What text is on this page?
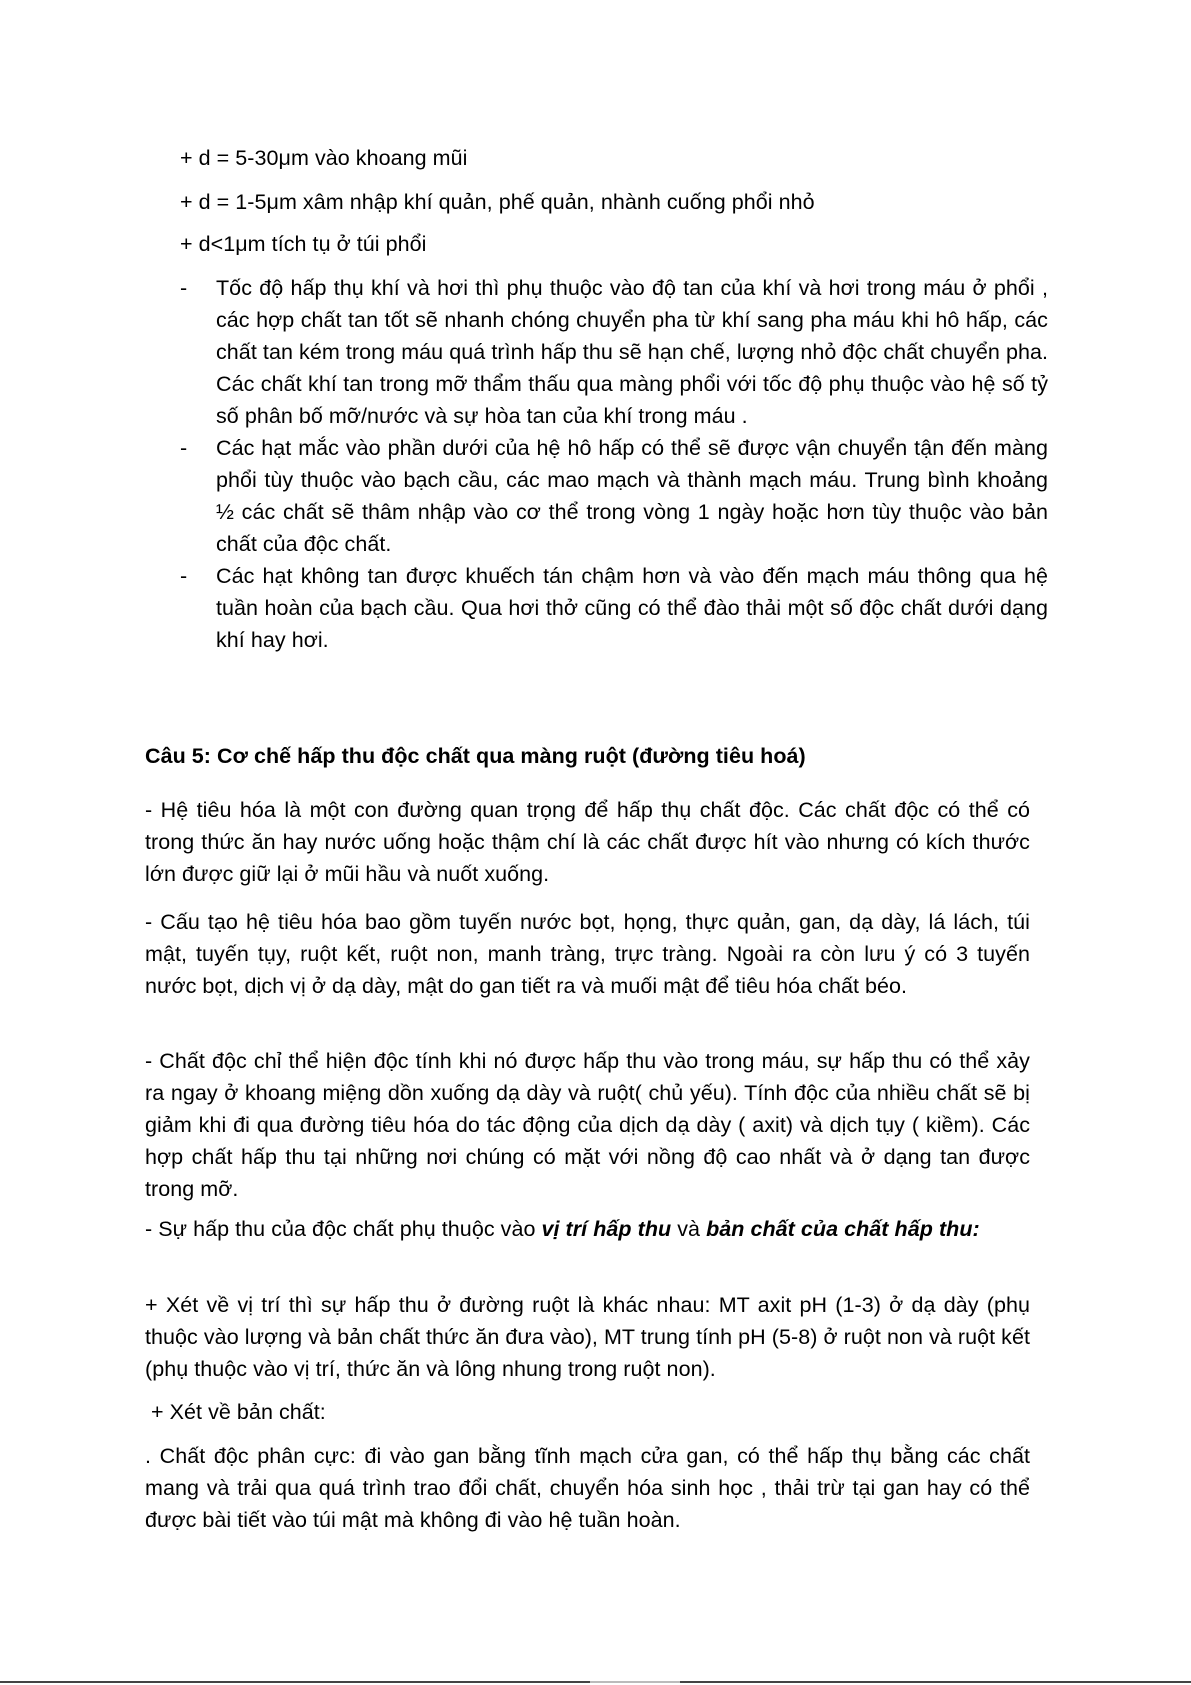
+ d = 5-30μm vào khoang mũi
+ d = 1-5μm xâm nhập khí quản, phế quản, nhành cuống phổi nhỏ
+ d<1μm tích tụ ở túi phổi
- Tốc độ hấp thụ khí và hơi thì phụ thuộc vào độ tan của khí và hơi trong máu ở phổi , các hợp chất tan tốt sẽ nhanh chóng chuyển pha từ khí sang pha máu khi hô hấp, các chất tan kém trong máu quá trình hấp thu sẽ hạn chế, lượng nhỏ độc chất chuyển pha. Các chất khí tan trong mỡ thẩm thấu qua màng phổi với tốc độ phụ thuộc vào hệ số tỷ số phân bố mỡ/nước và sự hòa tan của khí trong máu .
- Các hạt mắc vào phần dưới của hệ hô hấp có thể sẽ được vận chuyển tận đến màng phổi tùy thuộc vào bạch cầu, các mao mạch và thành mạch máu. Trung bình khoảng ½ các chất sẽ thâm nhập vào cơ thể trong vòng 1 ngày hoặc hơn tùy thuộc vào bản chất của độc chất.
- Các hạt không tan được khuếch tán chậm hơn và vào đến mạch máu thông qua hệ tuần hoàn của bạch cầu. Qua hơi thở cũng có thể đào thải một số độc chất dưới dạng khí hay hơi.
Câu 5: Cơ chế hấp thu độc chất qua màng ruột (đường tiêu hoá)

- Hệ tiêu hóa là một con đường quan trọng để hấp thụ chất độc. Các chất độc có thể có trong thức ăn hay nước uống hoặc thậm chí là các chất được hít vào nhưng có kích thước lớn được giữ lại ở mũi hầu và nuốt xuống.

- Cấu tạo hệ tiêu hóa bao gồm tuyến nước bọt, họng, thực quản, gan, dạ dày, lá lách, túi mật, tuyến tụy, ruột kết, ruột non, manh tràng, trực tràng. Ngoài ra còn lưu ý có 3 tuyến nước bọt, dịch vị ở dạ dày, mật do gan tiết ra và muối mật để tiêu hóa chất béo.

- Chất độc chỉ thể hiện độc tính khi nó được hấp thu vào trong máu, sự hấp thu có thể xảy ra ngay ở khoang miệng dồn xuống dạ dày và ruột( chủ yếu). Tính độc của nhiều chất sẽ bị giảm khi đi qua đường tiêu hóa do tác động của dịch dạ dày ( axit) và dịch tụy ( kiềm). Các hợp chất hấp thu tại những nơi chúng có mặt với nồng độ cao nhất và ở dạng tan được trong mỡ.

- Sự hấp thu của độc chất phụ thuộc vào vị trí hấp thu và bản chất của chất hấp thu:

+ Xét về vị trí thì sự hấp thu ở đường ruột là khác nhau: MT axit pH (1-3) ở dạ dày (phụ thuộc vào lượng và bản chất thức ăn đưa vào), MT trung tính pH (5-8) ở ruột non và ruột kết (phụ thuộc vào vị trí, thức ăn và lông nhung trong ruột non).

+ Xét về bản chất:

. Chất độc phân cực: đi vào gan bằng tĩnh mạch cửa gan, có thể hấp thụ bằng các chất mang và trải qua quá trình trao đổi chất, chuyển hóa sinh học , thải trừ tại gan hay có thể được bài tiết vào túi mật mà không đi vào hệ tuần hoàn.
